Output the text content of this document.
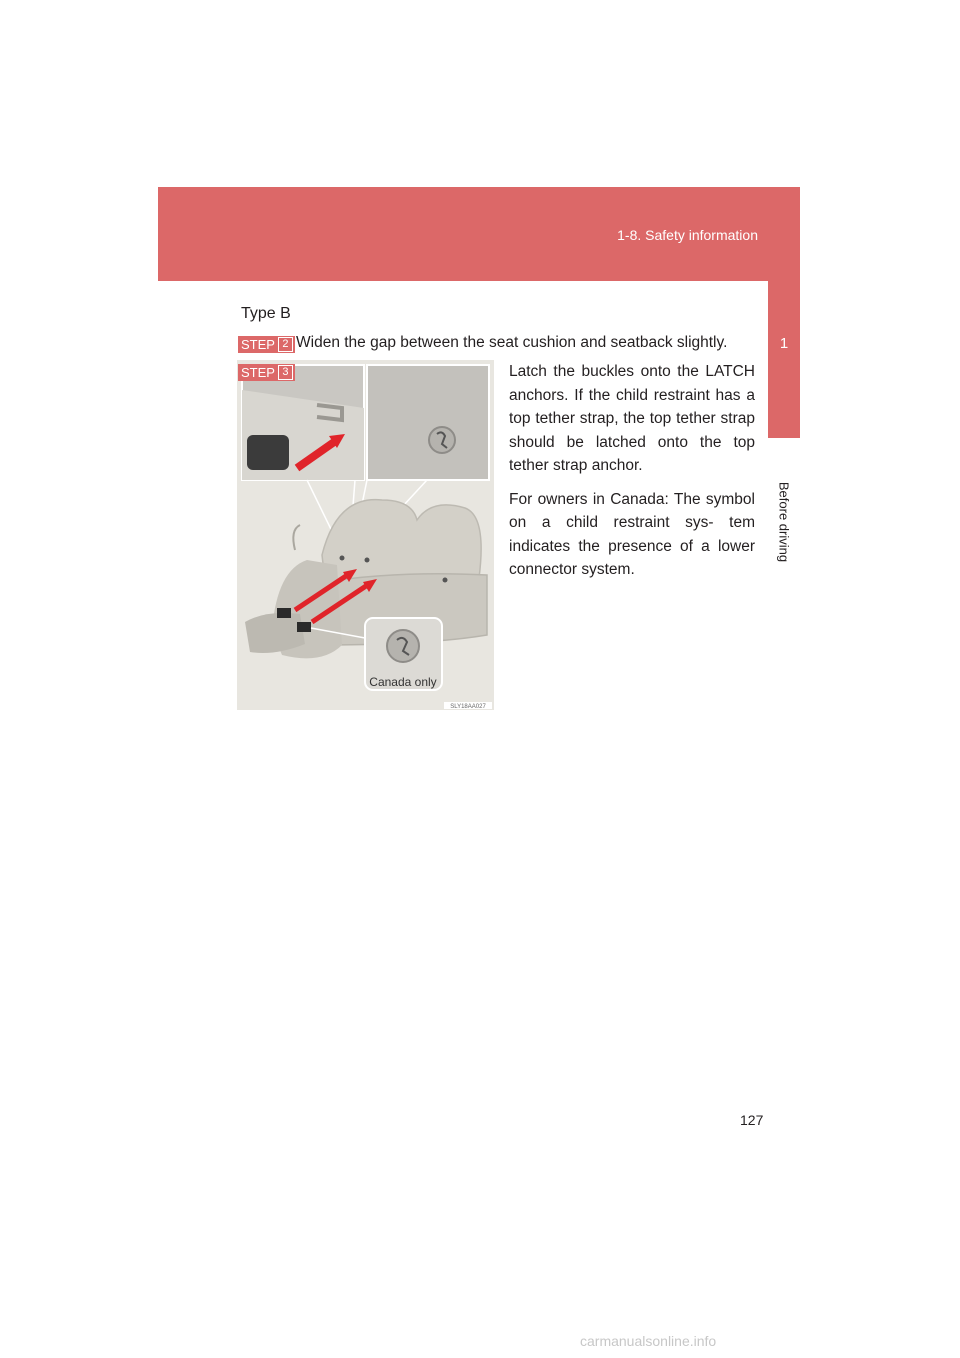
1-8. Safety information
1
Before driving
Type B
STEP 2 Widen the gap between the seat cushion and seatback slightly.
Canada only
SLY18AA027
STEP 3	Latch the buckles onto the LATCH anchors. If the child restraint has a top tether strap, the top tether strap should be latched onto the top tether strap anchor.

For owners in Canada: The symbol on a child restraint sys- tem indicates the presence of a lower connector system.

127
carmanualsonline.info
